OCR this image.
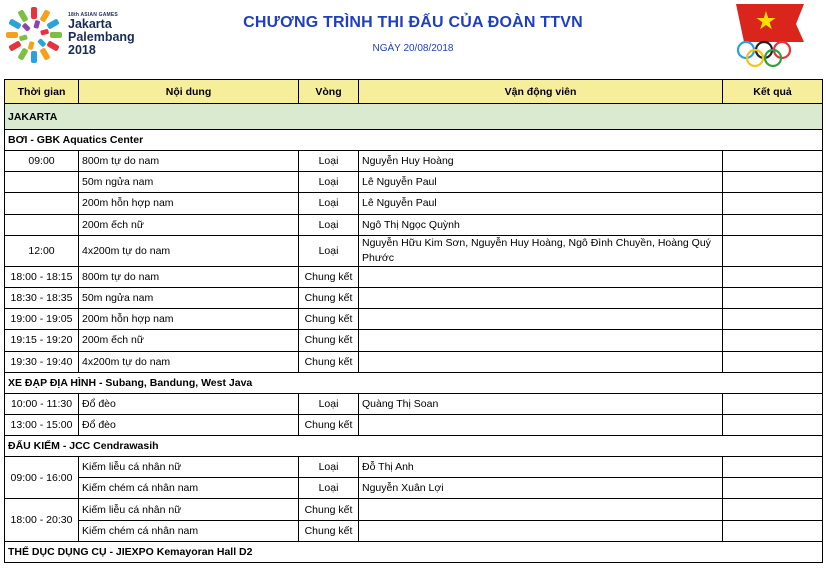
18th ASIAN GAMES
Jakarta
Palembang
2018
CHƯƠNG TRÌNH THI ĐẤU CỦA ĐOÀN TTVN
NGÀY 20/08/2018
Thời gian	Nội dung	Vòng	Vận động viên	Kết quả
JAKARTA				
BƠI - GBK Aquatics Center				
09:00	800m tự do nam	Loại	Nguyễn Huy Hoàng	
	50m ngửa nam	Loại	Lê Nguyễn Paul	
	200m hỗn hợp nam	Loại	Lê Nguyễn Paul	
	200m ếch nữ	Loại	Ngô Thị Ngọc Quỳnh	
12:00	4x200m tự do nam	Loại	Nguyễn Hữu Kim Sơn, Nguyễn Huy Hoàng, Ngô Đình Chuyền, Hoàng Quý Phước	
18:00 - 18:15	800m tự do nam	Chung kết		
18:30 - 18:35	50m ngửa nam	Chung kết		
19:00 - 19:05	200m hỗn hợp nam	Chung kết		
19:15 - 19:20	200m ếch nữ	Chung kết		
19:30 - 19:40	4x200m tự do nam	Chung kết		
XE ĐẠP ĐỊA HÌNH - Subang, Bandung, West Java				
10:00 - 11:30	Đổ đèo	Loại	Quàng Thị Soan	
13:00 - 15:00	Đổ đèo	Chung kết		
ĐẤU KIẾM - JCC Cendrawasih				
09:00 - 16:00	Kiếm liễu cá nhân nữ	Loại	Đỗ Thị Anh	
	Kiếm chém cá nhân nam	Loại	Nguyễn Xuân Lợi	
18:00 - 20:30	Kiếm liễu cá nhân nữ	Chung kết		
	Kiếm chém cá nhân nam	Chung kết		
THỂ DỤC DỤNG CỤ - JIEXPO Kemayoran Hall D2				
